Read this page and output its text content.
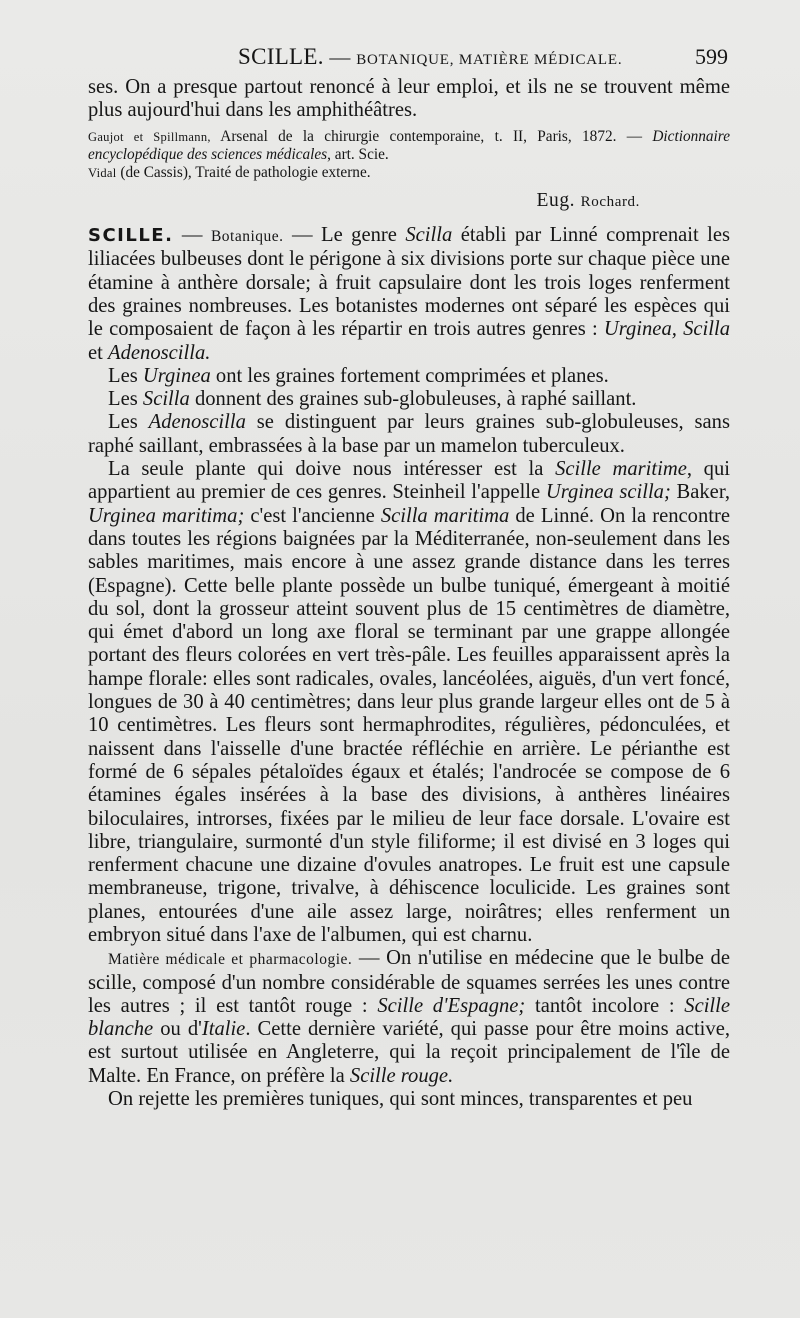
SCILLE. — BOTANIQUE, MATIÈRE MÉDICALE.	599

ses. On a presque partout renoncé à leur emploi, et ils ne se trouvent même plus aujourd'hui dans les amphithéâtres.

Gaujot et Spillmann, Arsenal de la chirurgie contemporaine, t. II, Paris, 1872. — Dictionnaire encyclopédique des sciences médicales, art. Scie.

Vidal (de Cassis), Traité de pathologie externe.

Eug. Rochard.

SCILLE. — Botanique. — Le genre Scilla établi par Linné comprenait les liliacées bulbeuses dont le périgone à six divisions porte sur chaque pièce une étamine à anthère dorsale; à fruit capsulaire dont les trois loges renferment des graines nombreuses. Les botanistes modernes ont séparé les espèces qui le composaient de façon à les répartir en trois autres genres : Urginea, Scilla et Adenoscilla.

Les Urginea ont les graines fortement comprimées et planes.

Les Scilla donnent des graines sub-globuleuses, à raphé saillant.

Les Adenoscilla se distinguent par leurs graines sub-globuleuses, sans raphé saillant, embrassées à la base par un mamelon tuberculeux.

La seule plante qui doive nous intéresser est la Scille maritime, qui appartient au premier de ces genres. Steinheil l'appelle Urginea scilla; Baker, Urginea maritima; c'est l'ancienne Scilla maritima de Linné. On la rencontre dans toutes les régions baignées par la Méditerranée, non-seulement dans les sables maritimes, mais encore à une assez grande distance dans les terres (Espagne). Cette belle plante possède un bulbe tuniqué, émergeant à moitié du sol, dont la grosseur atteint souvent plus de 15 centimètres de diamètre, qui émet d'abord un long axe floral se terminant par une grappe allongée portant des fleurs colorées en vert très-pâle. Les feuilles apparaissent après la hampe florale: elles sont radicales, ovales, lancéolées, aiguës, d'un vert foncé, longues de 30 à 40 centimètres; dans leur plus grande largeur elles ont de 5 à 10 centimètres. Les fleurs sont hermaphrodites, régulières, pédonculées, et naissent dans l'aisselle d'une bractée réfléchie en arrière. Le périanthe est formé de 6 sépales pétaloïdes égaux et étalés; l'androcée se compose de 6 étamines égales insérées à la base des divisions, à anthères linéaires biloculaires, introrses, fixées par le milieu de leur face dorsale. L'ovaire est libre, triangulaire, surmonté d'un style filiforme; il est divisé en 3 loges qui renferment chacune une dizaine d'ovules anatropes. Le fruit est une capsule membraneuse, trigone, trivalve, à déhiscence loculicide. Les graines sont planes, entourées d'une aile assez large, noirâtres; elles renferment un embryon situé dans l'axe de l'albumen, qui est charnu.

Matière médicale et pharmacologie. — On n'utilise en médecine que le bulbe de scille, composé d'un nombre considérable de squames serrées les unes contre les autres ; il est tantôt rouge : Scille d'Espagne; tantôt incolore : Scille blanche ou d'Italie. Cette dernière variété, qui passe pour être moins active, est surtout utilisée en Angleterre, qui la reçoit principalement de l'île de Malte. En France, on préfère la Scille rouge.

On rejette les premières tuniques, qui sont minces, transparentes et peu
